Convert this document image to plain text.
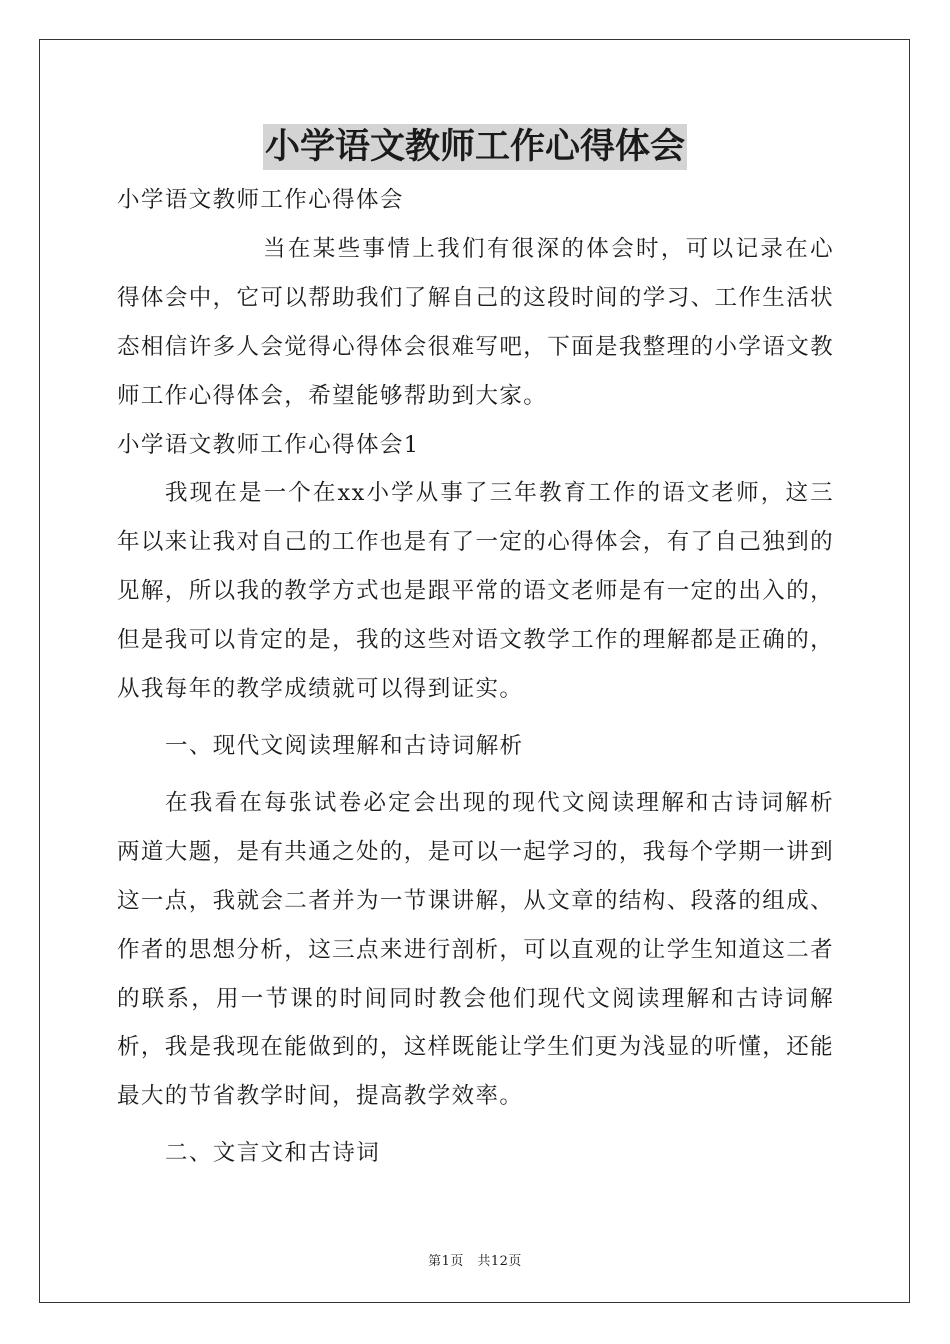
小学语文教师工作心得体会

小学语文教师工作心得体会

当在某些事情上我们有很深的体会时，可以记录在心得体会中，它可以帮助我们了解自己的这段时间的学习、工作生活状态相信许多人会觉得心得体会很难写吧，下面是我整理的小学语文教师工作心得体会，希望能够帮助到大家。

小学语文教师工作心得体会1

我现在是一个在xx小学从事了三年教育工作的语文老师，这三年以来让我对自己的工作也是有了一定的心得体会，有了自己独到的见解，所以我的教学方式也是跟平常的语文老师是有一定的出入的，但是我可以肯定的是，我的这些对语文教学工作的理解都是正确的，从我每年的教学成绩就可以得到证实。

一、现代文阅读理解和古诗词解析

在我看在每张试卷必定会出现的现代文阅读理解和古诗词解析两道大题，是有共通之处的，是可以一起学习的，我每个学期一讲到这一点，我就会二者并为一节课讲解，从文章的结构、段落的组成、作者的思想分析，这三点来进行剖析，可以直观的让学生知道这二者的联系，用一节课的时间同时教会他们现代文阅读理解和古诗词解析，我是我现在能做到的，这样既能让学生们更为浅显的听懂，还能最大的节省教学时间，提高教学效率。

二、文言文和古诗词

第1页　共12页
